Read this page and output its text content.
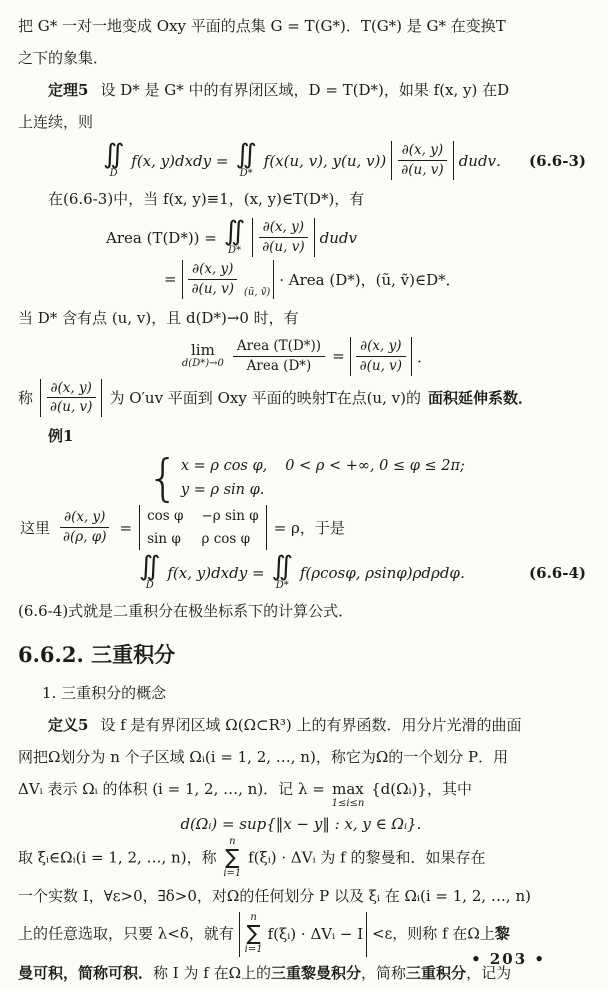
把 G* 一对一地变成 Oxy 平面的点集 G = T(G*)．T(G*) 是 G* 在变换T

之下的象集．

定理5 设 D* 是 G* 中的有界闭区域，D = T(D*)，如果 f(x, y) 在D

上连续，则

∬
D
f(x, y)dxdy = ∬
D*
f(x(u, v), y(u, $v)) \frac{\partial(x, y)}{\partial(u, v)}$ dudv． (6.6-3)

在(6.6-3)中，当 f(x, y)≡1，(x, y)∈T(D*)，有

Area (T(D*)) = ∬
$D* \frac{\partial(x, y)}{\partial(u, v)}$ dudv
= $\frac{\partial(x, y)}{\partial(u, v)}$ (ũ, ṽ)
· Area (D*)，(ũ, ṽ)∈D*．

当 D* 含有点 (u, v)，且 d(D*)→0 时，有

lim
$d(D*)\to 0 \frac{\text{Area (T(D*))}}{\text{Area (D*)}} = \frac{\partial(x, y)}{\partial(u, v)}$ ．
称 $\frac{\partial(x, y)}{\partial(u, v)}$ 为 O′uv 平面到 Oxy 平面的映射T在点(u, v)的 面积延伸系数．

例1

{ x = ρ cos φ, 0 < ρ < +∞, 0 ≤ φ ≤ 2π;
y = ρ sin φ.
这里 $\frac{\partial(x, y)}{\partial(\rho, \varphi)}$ =
cos φ −ρ sin φ
sin φ ρ cos φ
= ρ，于是
∬
D
f(x, y)dxdy = ∬
D*
f(ρcosφ, ρsinφ)ρdρdφ．	(6.6-4)

(6.6-4)式就是二重积分在极坐标系下的计算公式．

6.6.2. 三重积分

1. 三重积分的概念

定义5 设 f 是有界闭区域 Ω(Ω⊂R³) 上的有界函数．用分片光滑的曲面

网把Ω划分为 n 个子区域 Ωᵢ(i = 1, 2, …, n)，称它为Ω的一个划分 P．用

ΔVᵢ 表示 Ωᵢ 的体积 (i = 1, 2, …, n)．记 λ = max
1≤i≤n
{d(Ωᵢ)}，其中

d(Ωᵢ) = sup{‖x − y‖ : x, y ∈ Ωᵢ}．

取 ξᵢ∈Ωᵢ(i = 1, 2, …, n)，称
n
∑
i=1
f(ξᵢ) · ΔVᵢ 为 f 的黎曼和．如果存在

一个实数 I，∀ε>0，∃δ>0，对Ω的任何划分 P 以及 ξᵢ 在 Ωᵢ(i = 1, 2, …, n)

上的任意选取，只要 λ<δ，就有
n
∑
i=1
f(ξᵢ) · ΔVᵢ − I <ε，则称 f 在Ω上黎

曼可积，简称可积．称 I 为 f 在Ω上的三重黎曼积分，简称三重积分，记为

• 203 •
